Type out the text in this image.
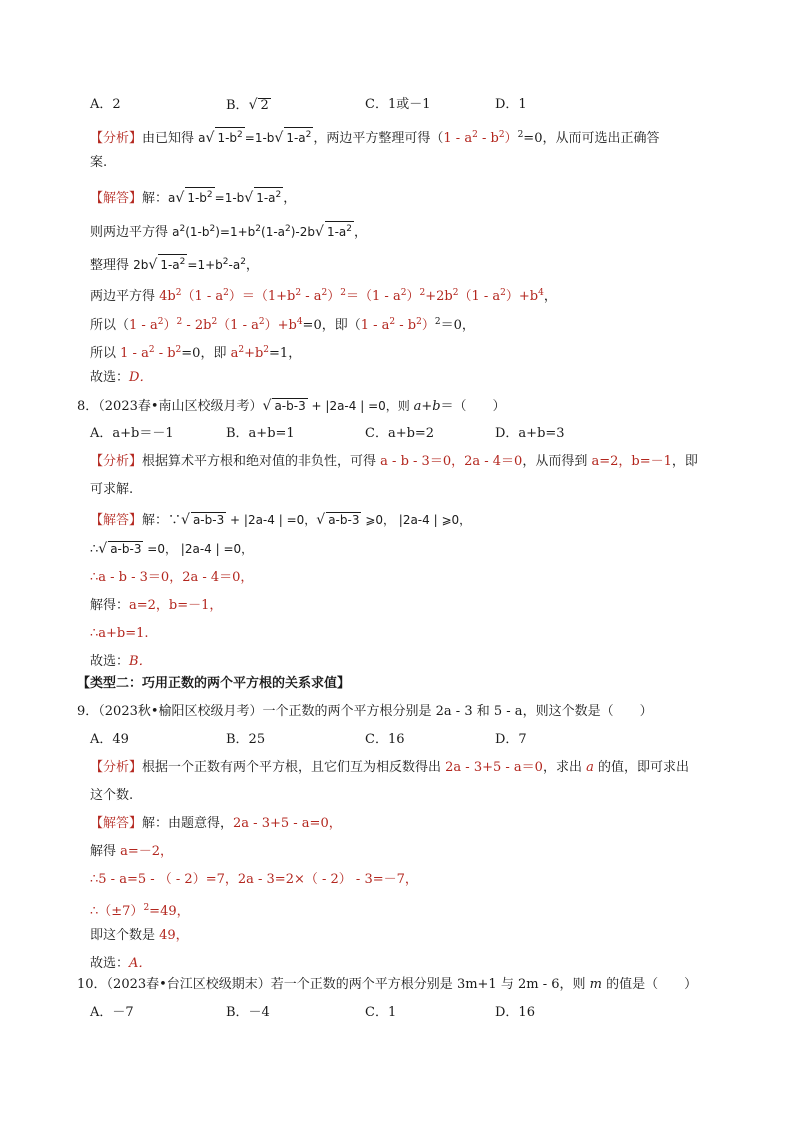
A．2	B．√ 2	C．1或－1	D．1
【分析】由已知得 a√ $1-b^2 =1-b√$ $1-a^2$ ，两边平方整理可得$(1 - a^2 - b^2)^2=0$，从而可选出正确答
案.
【解答】解：a√ $1-b^2 =1-b√$ $1-a^2$ ，
则两边平方得 $a^2(1-b^2)=1+b^2(1-a^2)-2b√$ $1-a^2$ ，
整理得 2b√ $1-a^2 =1+b^2-a^2$，
两边平方得 $4b^2(1 - a^2)=(1+b^2 - a^2)^2=(1 - a^2)^2+2b^2(1 - a^2)+b^4$，
所以$(1 - a^2)^2 - 2b^2(1 - a^2)+b^4=0$，即$(1 - a^2 - b^2)^2=0$，
所以 $1 - a^2 - b^2=0$，即 $a^2+b^2=1$，
故选：D．
8．（2023春•南山区校级月考）√ a-b-3 + |2a-4 | =0，则 a+b＝（　　）
A．a+b＝－1	B．a+b=1	C．a+b=2	D．a+b=3
【分析】根据算术平方根和绝对值的非负性，可得 a - b - 3＝0，2a - 4＝0，从而得到 a=2，b=－1，即
可求解.
【解答】解：∵√ a-b-3 + |2a-4 | =0，√ a-b-3 ⩾0， |2a-4 | ⩾0，
∴√ a-b-3 =0， |2a-4 | =0，
∴a - b - 3＝0，2a - 4＝0，
解得：a=2，b=－1，
∴a+b=1.
故选：B．
【类型二：巧用正数的两个平方根的关系求值】
9．（2023秋•榆阳区校级月考）一个正数的两个平方根分别是 2a - 3 和 5 - a，则这个数是（　　）
A．49	B．25	C．16	D．7
【分析】根据一个正数有两个平方根，且它们互为相反数得出 2a - 3+5 - a＝0，求出 a 的值，即可求出
这个数.
【解答】解：由题意得，2a - 3+5 - a=0，
解得 a=－2，
∴5 - a=5 - （ - 2）=7，2a - 3=2×（ - 2） - 3=－7，
$\therefore(\pm 7)^2=49$，
即这个数是 49，
故选：A．
10．（2023春•台江区校级期末）若一个正数的两个平方根分别是 3m+1 与 2m - 6，则 m 的值是（　　）
A．－7	B．－4	C．1	D．16
